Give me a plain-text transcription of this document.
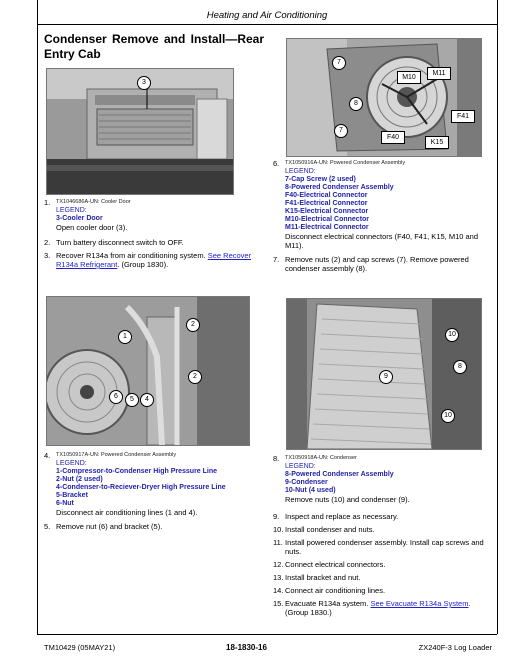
Heating and Air Conditioning
Condenser Remove and Install—Rear Entry Cab
3
7
M10
M11
8
F41
7
F40
K15
1. TX1046686A-UN: Cooler Door
LEGEND:
3-Cooler Door
Open cooler door (3).
2. Turn battery disconnect switch to OFF.
3. Recover R134a from air conditioning system. See Recover R134a Refrigerant. (Group 1830).
6. TX1050916A-UN: Powered Condenser Assembly
LEGEND:
7-Cap Screw (2 used)
8-Powered Condenser Assembly
F40-Electrical Connector
F41-Electrical Connector
K15-Electrical Connector
M10-Electrical Connector
M11-Electrical Connector
Disconnect electrical connectors (F40, F41, K15, M10 and M11).
7. Remove nuts (2) and cap screws (7). Remove powered condenser assembly (8).
1
2
2
6	5	4
10
8
9
10
4. TX1050917A-UN: Powered Condenser Assembly
LEGEND:
1-Compressor-to-Condenser High Pressure Line
2-Nut (2 used)
4-Condenser-to-Reciever-Dryer High Pressure Line
5-Bracket
6-Nut
Disconnect air conditioning lines (1 and 4).
5. Remove nut (6) and bracket (5).
8. TX1050918A-UN: Condenser
LEGEND:
8-Powered Condenser Assembly
9-Condenser
10-Nut (4 used)
Remove nuts (10) and condenser (9).
9. Inspect and replace as necessary.
10. Install condenser and nuts.
11. Install powered condenser assembly. Install cap screws and nuts.
12. Connect electrical connectors.
13. Install bracket and nut.
14. Connect air conditioning lines.
15. Evacuate R134a system. See Evacuate R134a System. (Group 1830.)
TM10429 (05MAY21)	18-1830-16	ZX240F-3 Log Loader
